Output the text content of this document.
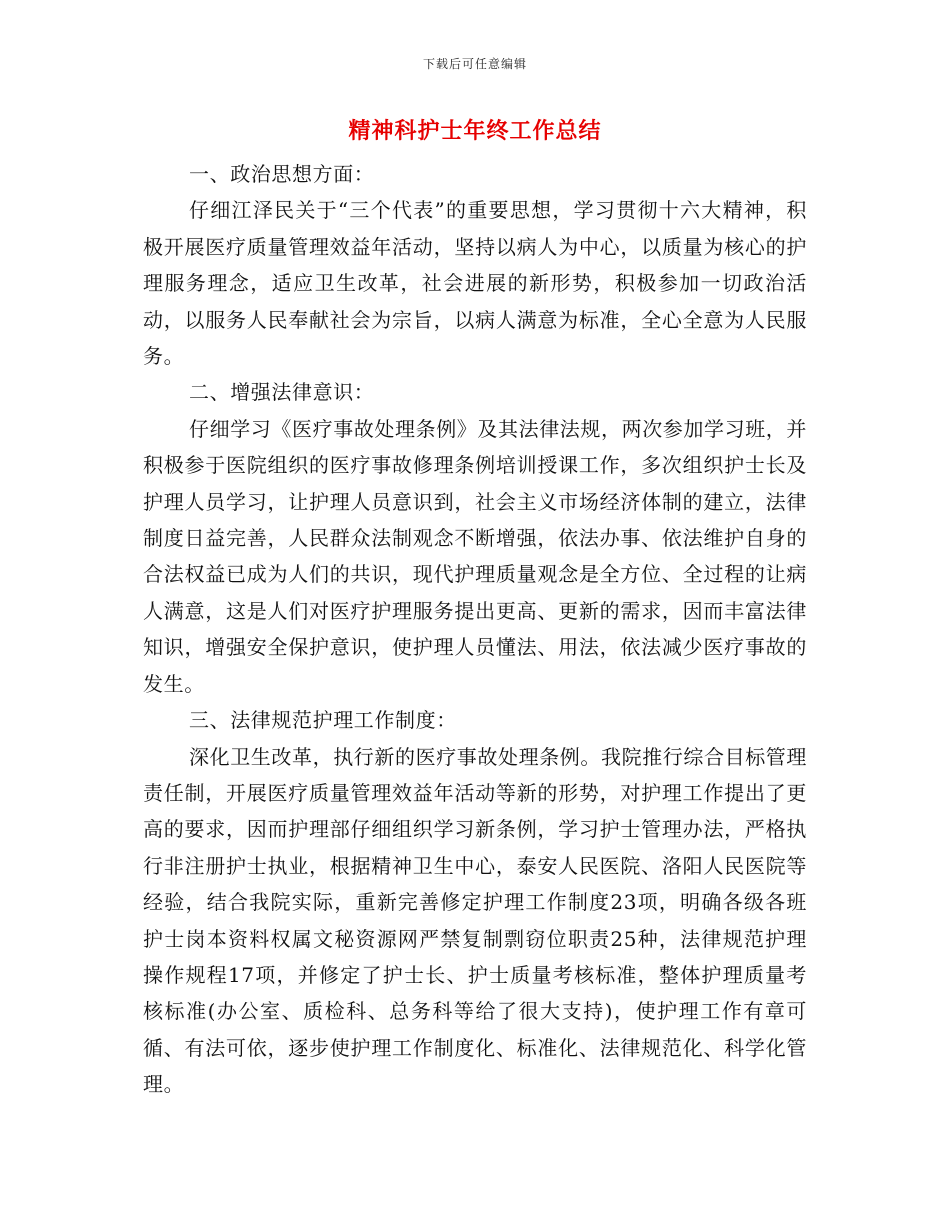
下载后可任意编辑
精神科护士年终工作总结

一、政治思想方面：

仔细江泽民关于“三个代表”的重要思想，学习贯彻十六大精神，积极开展医疗质量管理效益年活动，坚持以病人为中心，以质量为核心的护理服务理念，适应卫生改革，社会进展的新形势，积极参加一切政治活动，以服务人民奉献社会为宗旨，以病人满意为标准，全心全意为人民服务。

二、增强法律意识：

仔细学习《医疗事故处理条例》及其法律法规，两次参加学习班，并积极参于医院组织的医疗事故修理条例培训授课工作，多次组织护士长及护理人员学习，让护理人员意识到，社会主义市场经济体制的建立，法律制度日益完善，人民群众法制观念不断增强，依法办事、依法维护自身的合法权益已成为人们的共识，现代护理质量观念是全方位、全过程的让病人满意，这是人们对医疗护理服务提出更高、更新的需求，因而丰富法律知识，增强安全保护意识，使护理人员懂法、用法，依法减少医疗事故的发生。

三、法律规范护理工作制度：

深化卫生改革，执行新的医疗事故处理条例。我院推行综合目标管理责任制，开展医疗质量管理效益年活动等新的形势，对护理工作提出了更高的要求，因而护理部仔细组织学习新条例，学习护士管理办法，严格执行非注册护士执业，根据精神卫生中心，泰安人民医院、洛阳人民医院等经验，结合我院实际，重新完善修定护理工作制度23项，明确各级各班护士岗本资料权属文秘资源网严禁复制剽窃位职责25种，法律规范护理操作规程17项，并修定了护士长、护士质量考核标准，整体护理质量考核标准(办公室、质检科、总务科等给了很大支持)，使护理工作有章可循、有法可依，逐步使护理工作制度化、标准化、法律规范化、科学化管理。
